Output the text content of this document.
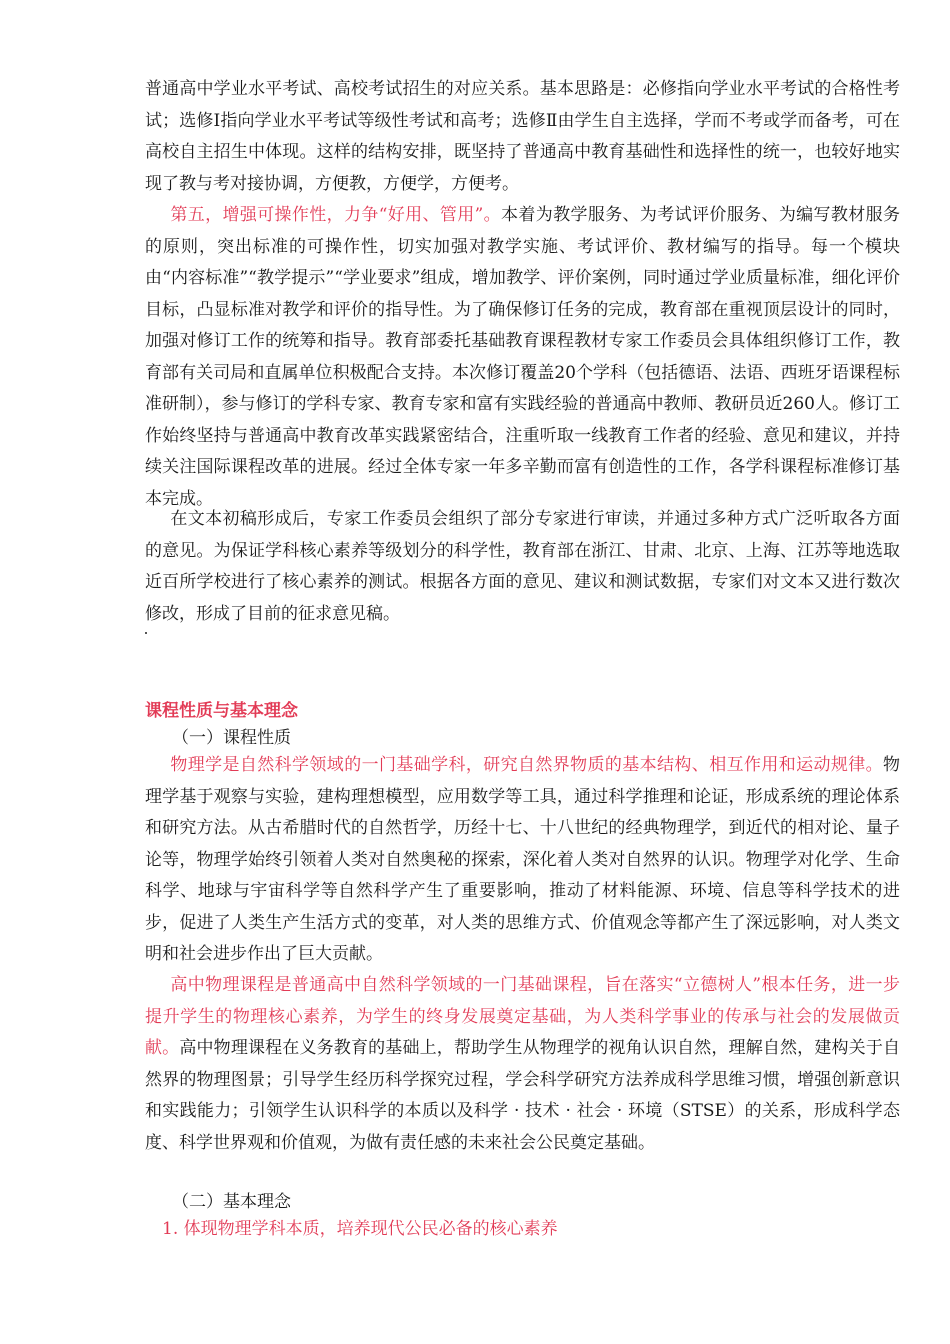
普通高中学业水平考试、高校考试招生的对应关系。基本思路是：必修指向学业水平考试的合格性考试；选修Ⅰ指向学业水平考试等级性考试和高考；选修Ⅱ由学生自主选择，学而不考或学而备考，可在高校自主招生中体现。这样的结构安排，既坚持了普通高中教育基础性和选择性的统一，也较好地实现了教与考对接协调，方便教，方便学，方便考。

第五，增强可操作性，力争“好用、管用”。本着为教学服务、为考试评价服务、为编写教材服务的原则，突出标准的可操作性，切实加强对教学实施、考试评价、教材编写的指导。每一个模块由“内容标准”“教学提示”“学业要求”组成，增加教学、评价案例，同时通过学业质量标准，细化评价目标，凸显标准对教学和评价的指导性。为了确保修订任务的完成，教育部在重视顶层设计的同时，加强对修订工作的统筹和指导。教育部委托基础教育课程教材专家工作委员会具体组织修订工作，教育部有关司局和直属单位积极配合支持。本次修订覆盖20个学科（包括德语、法语、西班牙语课程标准研制），参与修订的学科专家、教育专家和富有实践经验的普通高中教师、教研员近260人。修订工作始终坚持与普通高中教育改革实践紧密结合，注重听取一线教育工作者的经验、意见和建议，并持续关注国际课程改革的进展。经过全体专家一年多辛勤而富有创造性的工作，各学科课程标准修订基本完成。

在文本初稿形成后，专家工作委员会组织了部分专家进行审读，并通过多种方式广泛听取各方面的意见。为保证学科核心素养等级划分的科学性，教育部在浙江、甘肃、北京、上海、江苏等地选取近百所学校进行了核心素养的测试。根据各方面的意见、建议和测试数据，专家们对文本又进行数次修改，形成了目前的征求意见稿。

课程性质与基本理念
（一）课程性质

物理学是自然科学领域的一门基础学科，研究自然界物质的基本结构、相互作用和运动规律。物理学基于观察与实验，建构理想模型，应用数学等工具，通过科学推理和论证，形成系统的理论体系和研究方法。从古希腊时代的自然哲学，历经十七、十八世纪的经典物理学，到近代的相对论、量子论等，物理学始终引领着人类对自然奥秘的探索，深化着人类对自然界的认识。物理学对化学、生命科学、地球与宇宙科学等自然科学产生了重要影响，推动了材料能源、环境、信息等科学技术的进步，促进了人类生产生活方式的变革，对人类的思维方式、价值观念等都产生了深远影响，对人类文明和社会进步作出了巨大贡献。

高中物理课程是普通高中自然科学领域的一门基础课程，旨在落实“立德树人”根本任务，进一步提升学生的物理核心素养，为学生的终身发展奠定基础，为人类科学事业的传承与社会的发展做贡献。高中物理课程在义务教育的基础上，帮助学生从物理学的视角认识自然，理解自然，建构关于自然界的物理图景；引导学生经历科学探究过程，学会科学研究方法养成科学思维习惯，增强创新意识和实践能力；引领学生认识科学的本质以及科学 · 技术 · 社会 · 环境（STSE）的关系，形成科学态度、科学世界观和价值观，为做有责任感的未来社会公民奠定基础。

（二）基本理念
1. 体现物理学科本质，培养现代公民必备的核心素养
